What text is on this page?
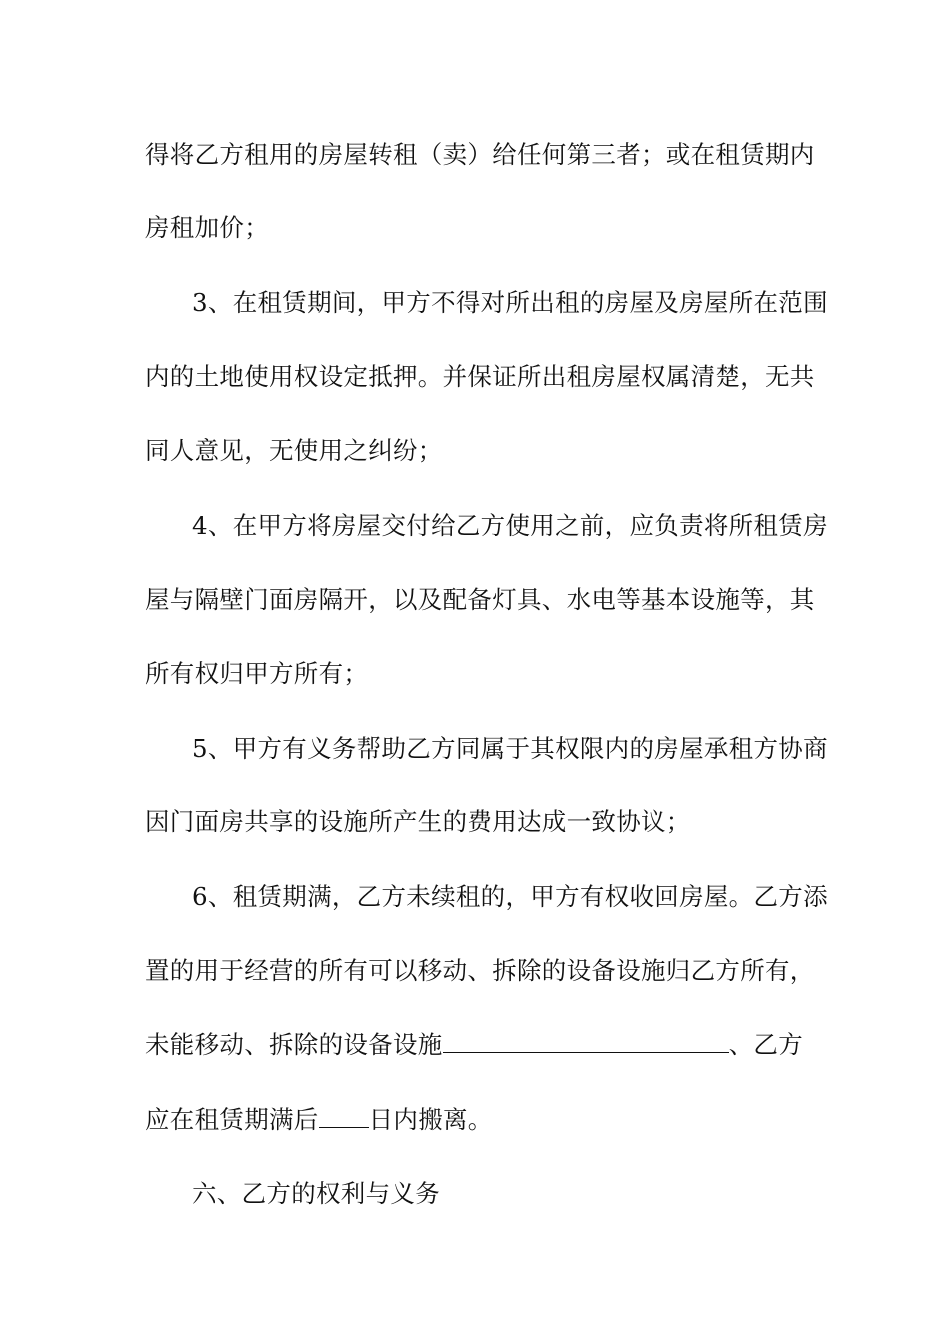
得将乙方租用的房屋转租（卖）给任何第三者；或在租赁期内
房租加价；
3、在租赁期间，甲方不得对所出租的房屋及房屋所在范围
内的土地使用权设定抵押。并保证所出租房屋权属清楚，无共
同人意见，无使用之纠纷；
4、在甲方将房屋交付给乙方使用之前，应负责将所租赁房
屋与隔壁门面房隔开，以及配备灯具、水电等基本设施等，其
所有权归甲方所有；
5、甲方有义务帮助乙方同属于其权限内的房屋承租方协商
因门面房共享的设施所产生的费用达成一致协议；
6、租赁期满，乙方未续租的，甲方有权收回房屋。乙方添
置的用于经营的所有可以移动、拆除的设备设施归乙方所有，
未能移动、拆除的设备设施	、乙方
应在租赁期满后 日内搬离。
六、乙方的权利与义务
